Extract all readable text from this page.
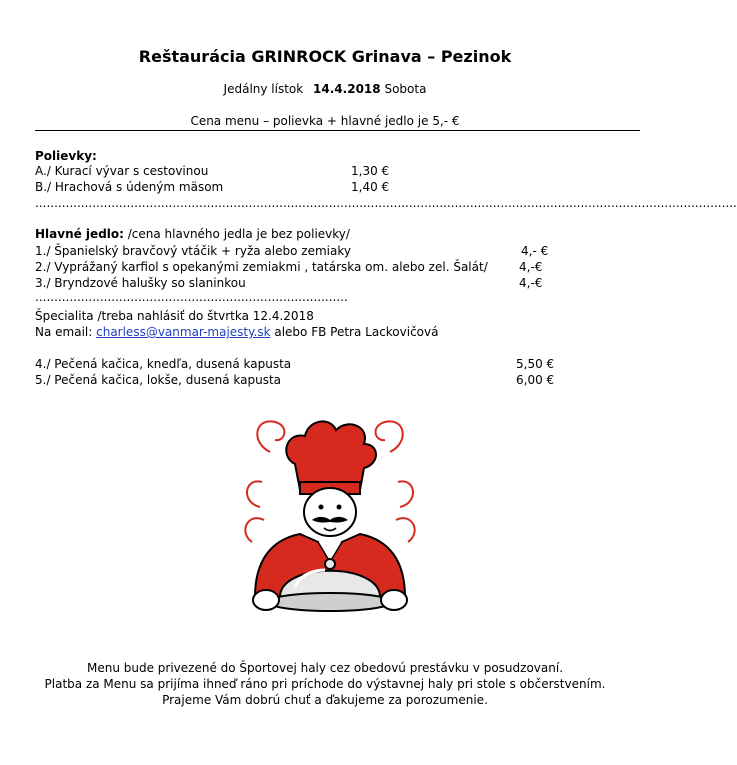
Reštaurácia GRINROCK Grinava – Pezinok
Jedálny lístok 14.4.2018 Sobota
Cena menu – polievka + hlavné jedlo je 5,- €
Polievky:
A./ Kurací vývar s cestovinou	1,30 €
B./ Hrachová s údeným mäsom	1,40 €
........................................................................................................................................................................................
Hlavné jedlo: /cena hlavného jedla je bez polievky/
1./ Španielský bravčový vtáčik + ryža alebo zemiaky	4,- €
2./ Vyprážaný karfiol s opekanými zemiakmi , tatárska om. alebo zel. Šalát/	4,-€
3./ Bryndzové halušky so slaninkou	4,-€
..................................................................................
Špecialita /treba nahlásiť do štvrtka 12.4.2018
Na email: charless@vanmar-majesty.sk alebo FB Petra Lackovičová
4./ Pečená kačica, knedľa, dusená kapusta	5,50 €
5./ Pečená kačica, lokše, dusená kapusta	6,00 €
Menu bude privezené do Športovej haly cez obedovú prestávku v posudzovaní.
Platba za Menu sa prijíma ihneď ráno pri príchode do výstavnej haly pri stole s občerstvením.
Prajeme Vám dobrú chuť a ďakujeme za porozumenie.
